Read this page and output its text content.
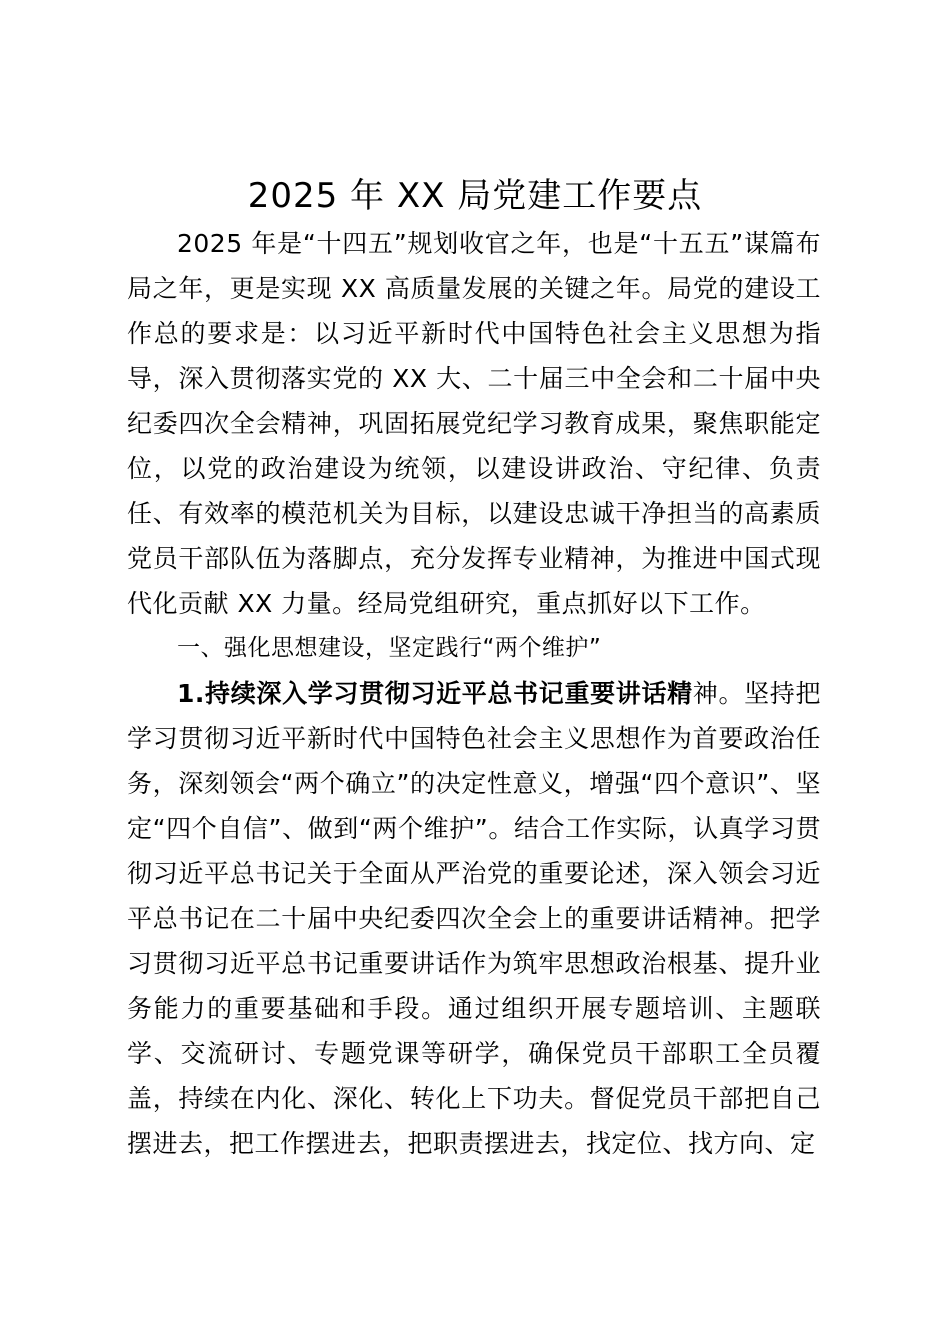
2025 年 XX 局党建工作要点

2025 年是“十四五”规划收官之年，也是“十五五”谋篇布局之年，更是实现 XX 高质量发展的关键之年。局党的建设工作总的要求是：以习近平新时代中国特色社会主义思想为指导，深入贯彻落实党的 XX 大、二十届三中全会和二十届中央纪委四次全会精神，巩固拓展党纪学习教育成果，聚焦职能定位，以党的政治建设为统领，以建设讲政治、守纪律、负责任、有效率的模范机关为目标，以建设忠诚干净担当的高素质党员干部队伍为落脚点，充分发挥专业精神，为推进中国式现代化贡献 XX 力量。经局党组研究，重点抓好以下工作。

一、强化思想建设，坚定践行“两个维护”

1.持续深入学习贯彻习近平总书记重要讲话精神。坚持把学习贯彻习近平新时代中国特色社会主义思想作为首要政治任务，深刻领会“两个确立”的决定性意义，增强“四个意识”、坚定“四个自信”、做到“两个维护”。结合工作实际，认真学习贯彻习近平总书记关于全面从严治党的重要论述，深入领会习近平总书记在二十届中央纪委四次全会上的重要讲话精神。把学习贯彻习近平总书记重要讲话作为筑牢思想政治根基、提升业务能力的重要基础和手段。通过组织开展专题培训、主题联学、交流研讨、专题党课等研学，确保党员干部职工全员覆盖，持续在内化、深化、转化上下功夫。督促党员干部把自己摆进去，把工作摆进去，把职责摆进去，找定位、找方向、定
